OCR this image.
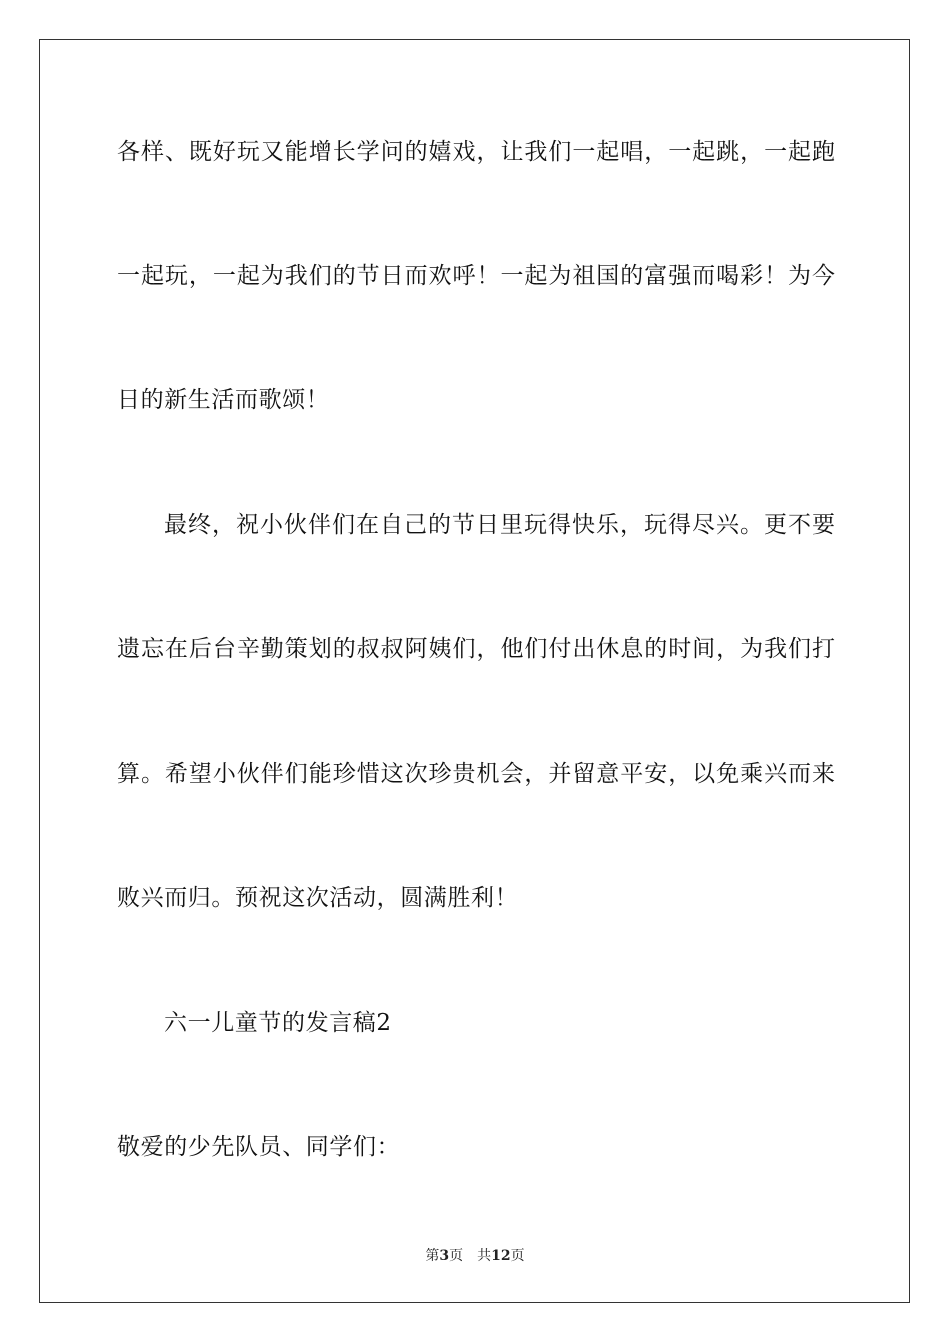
各样、既好玩又能增长学问的嬉戏，让我们一起唱，一起跳，一起跑
一起玩，一起为我们的节日而欢呼！一起为祖国的富强而喝彩！为今
日的新生活而歌颂！
最终，祝小伙伴们在自己的节日里玩得快乐，玩得尽兴。更不要
遗忘在后台辛勤策划的叔叔阿姨们，他们付出休息的时间，为我们打
算。希望小伙伴们能珍惜这次珍贵机会，并留意平安，以免乘兴而来
败兴而归。预祝这次活动，圆满胜利！
六一儿童节的发言稿2
敬爱的少先队员、同学们：
第3页 共12页
